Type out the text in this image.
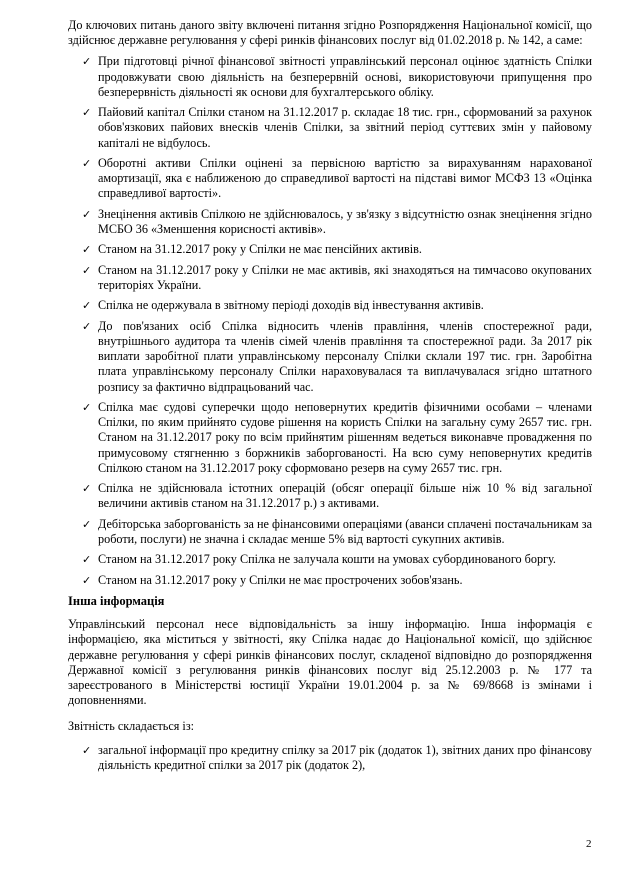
До ключових питань даного звіту включені питання згідно Розпорядження Національної комісії, що здійснює державне регулювання у сфері ринків фінансових послуг від 01.02.2018 р. № 142, а саме:

✓ При підготовці річної фінансової звітності управлінський персонал оцінює здатність Спілки продовжувати свою діяльність на безперервній основі, використовуючи припущення про безперервність діяльності як основи для бухгалтерського обліку.
✓ Пайовий капітал Спілки станом на 31.12.2017 р. складає 18 тис. грн., сформований за рахунок обов'язкових пайових внесків членів Спілки, за звітний період суттєвих змін у пайовому капіталі не відбулось.
✓ Оборотні активи Спілки оцінені за первісною вартістю за вирахуванням нарахованої амортизації, яка є наближеною до справедливої вартості на підставі вимог МСФЗ 13 «Оцінка справедливої вартості».
✓ Знецінення активів Спілкою не здійснювалось, у зв'язку з відсутністю ознак знецінення згідно МСБО 36 «Зменшення корисності активів».
✓ Станом на 31.12.2017 року у Спілки не має пенсійних активів.
✓ Станом на 31.12.2017 року у Спілки не має активів, які знаходяться на тимчасово окупованих територіях України.
✓ Спілка не одержувала в звітному періоді доходів від інвестування активів.
✓ До пов'язаних осіб Спілка відносить членів правління, членів спостережної ради, внутрішнього аудитора та членів сімей членів правління та спостережної ради. За 2017 рік виплати заробітної плати управлінському персоналу Спілки склали 197 тис. грн. Заробітна плата управлінському персоналу Спілки нараховувалася та виплачувалася згідно штатного розпису за фактично відпрацьований час.
✓ Спілка має судові суперечки щодо неповернутих кредитів фізичними особами – членами Спілки, по яким прийнято судове рішення на користь Спілки на загальну суму 2657 тис. грн. Станом на 31.12.2017 року по всім прийнятим рішенням ведеться виконавче провадження по примусовому стягненню з боржників заборгованості. На всю суму неповернутих кредитів Спілкою станом на 31.12.2017 року сформовано резерв на суму 2657 тис. грн.
✓ Спілка не здійснювала істотних операцій (обсяг операції більше ніж 10 % від загальної величини активів станом на 31.12.2017 р.) з активами.
✓ Дебіторська заборгованість за не фінансовими операціями (аванси сплачені постачальникам за роботи, послуги) не значна і складає менше 5% від вартості сукупних активів.
✓ Станом на 31.12.2017 року Спілка не залучала кошти на умовах субординованого боргу.
✓ Станом на 31.12.2017 року у Спілки не має прострочених зобов'язань.
Інша інформація

Управлінський персонал несе відповідальність за іншу інформацію. Інша інформація є інформацією, яка міститься у звітності, яку Спілка надає до Національної комісії, що здійснює державне регулювання у сфері ринків фінансових послуг, складеної відповідно до розпорядження Державної комісії з регулювання ринків фінансових послуг від 25.12.2003 р. № 177 та зареєстрованого в Міністерстві юстиції України 19.01.2004 р. за № 69/8668 із змінами і доповненнями.

Звітність складається із:

✓ загальної інформації про кредитну спілку за 2017 рік (додаток 1), звітних даних про фінансову діяльність кредитної спілки за 2017 рік (додаток 2),
2
